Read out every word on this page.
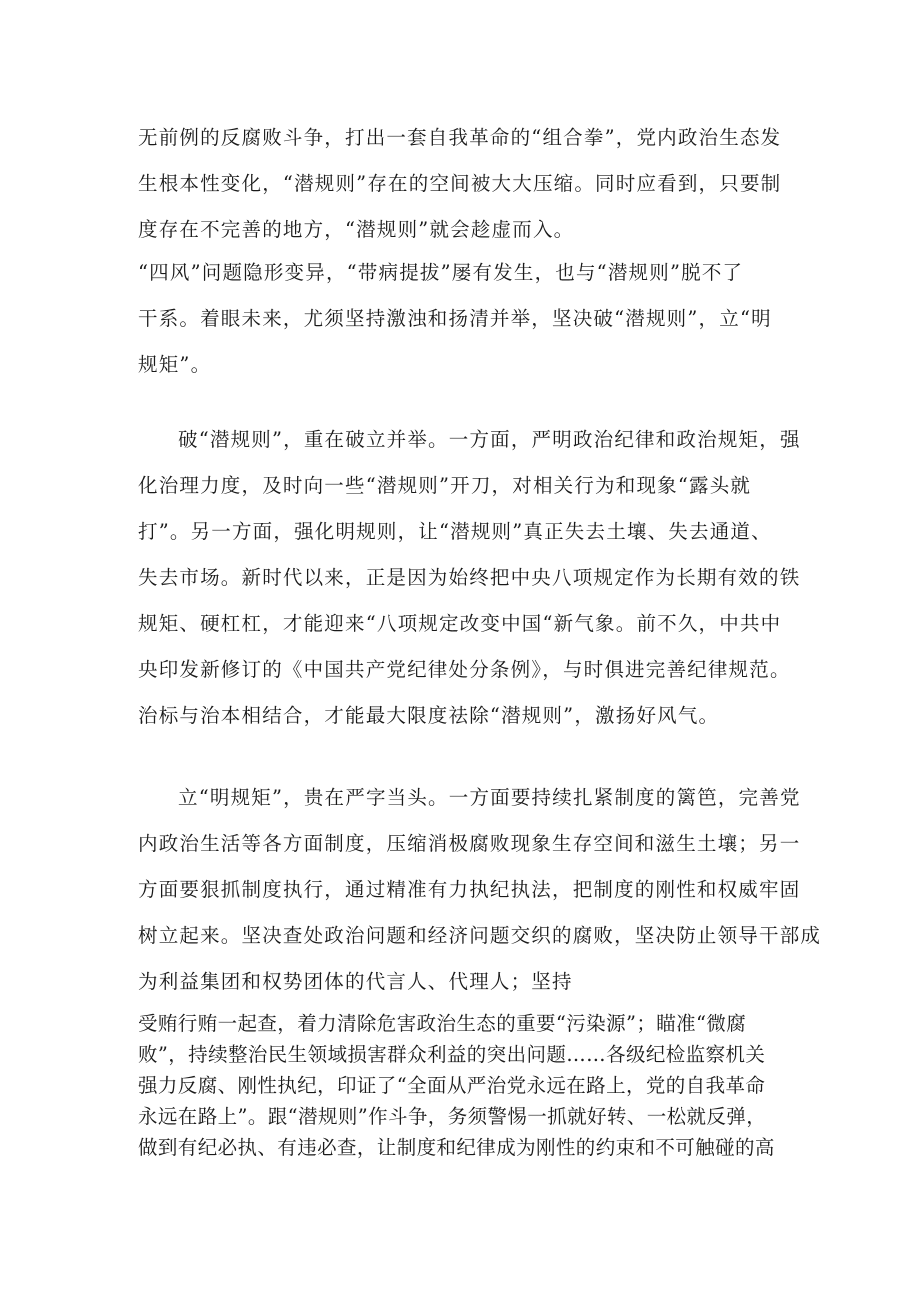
无前例的反腐败斗争，打出一套自我革命的“组合拳”，党内政治生态发
生根本性变化，“潜规则”存在的空间被大大压缩。同时应看到，只要制
度存在不完善的地方，“潜规则”就会趁虚而入。
“四风”问题隐形变异，“带病提拔”屡有发生，也与“潜规则”脱不了
干系。着眼未来，尤须坚持激浊和扬清并举，坚决破“潜规则”，立“明
规矩”。
破“潜规则”，重在破立并举。一方面，严明政治纪律和政治规矩，强
化治理力度，及时向一些“潜规则”开刀，对相关行为和现象“露头就
打”。另一方面，强化明规则，让“潜规则”真正失去土壤、失去通道、
失去市场。新时代以来，正是因为始终把中央八项规定作为长期有效的铁
规矩、硬杠杠，才能迎来“八项规定改变中国“新气象。前不久，中共中
央印发新修订的《中国共产党纪律处分条例》，与时俱进完善纪律规范。
治标与治本相结合，才能最大限度祛除“潜规则”，激扬好风气。
立“明规矩”，贵在严字当头。一方面要持续扎紧制度的篱笆，完善党
内政治生活等各方面制度，压缩消极腐败现象生存空间和滋生土壤；另一
方面要狠抓制度执行，通过精准有力执纪执法，把制度的刚性和权威牢固
树立起来。坚决查处政治问题和经济问题交织的腐败，坚决防止领导干部成
为利益集团和权势团体的代言人、代理人；坚持
受贿行贿一起查，着力清除危害政治生态的重要“污染源”；瞄准“微腐
败”，持续整治民生领域损害群众利益的突出问题……各级纪检监察机关
强力反腐、刚性执纪，印证了“全面从严治党永远在路上，党的自我革命
永远在路上”。跟“潜规则”作斗争，务须警惕一抓就好转、一松就反弹，
做到有纪必执、有违必查，让制度和纪律成为刚性的约束和不可触碰的高
